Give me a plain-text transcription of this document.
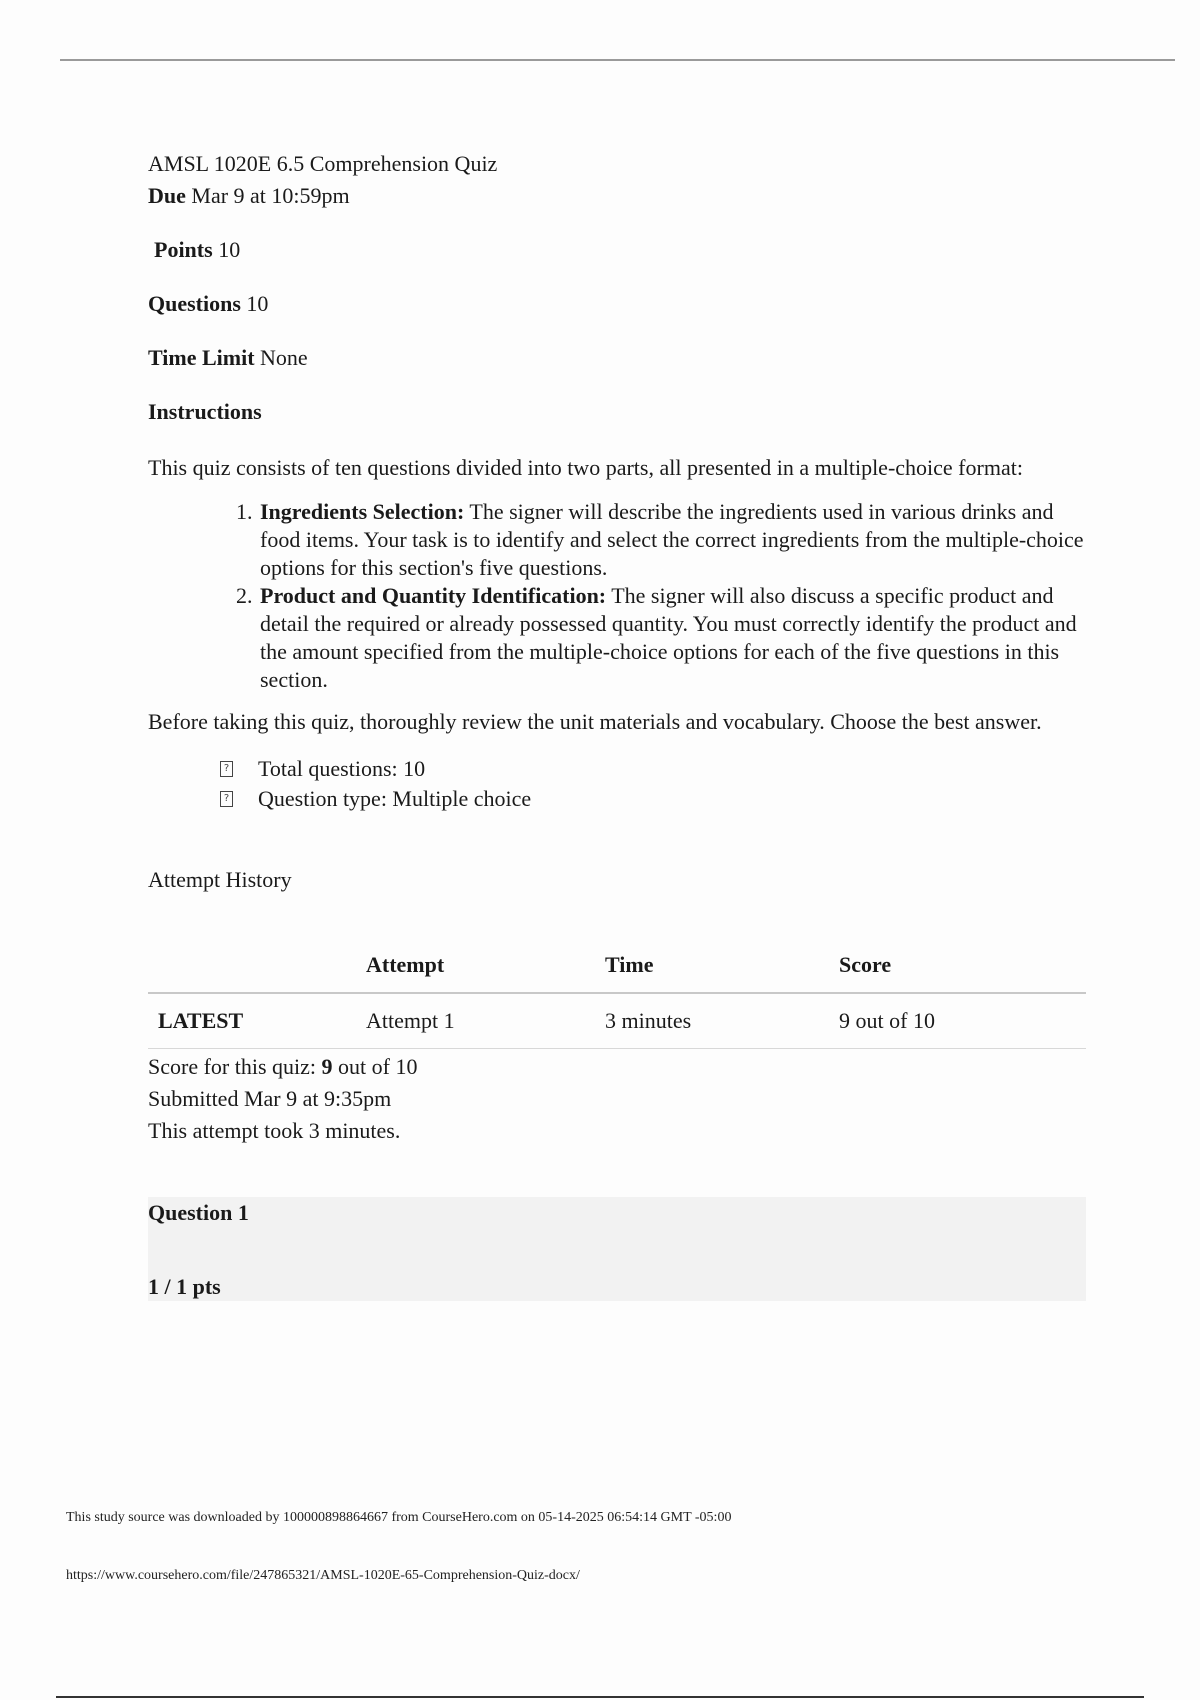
AMSL 1020E 6.5 Comprehension Quiz

Due Mar 9 at 10:59pm

Points 10

Questions 10

Time Limit None

Instructions

This quiz consists of ten questions divided into two parts, all presented in a multiple-choice format:

1. Ingredients Selection: The signer will describe the ingredients used in various drinks and food items. Your task is to identify and select the correct ingredients from the multiple-choice options for this section's five questions.
2. Product and Quantity Identification: The signer will also discuss a specific product and detail the required or already possessed quantity. You must correctly identify the product and the amount specified from the multiple-choice options for each of the five questions in this section.

Before taking this quiz, thoroughly review the unit materials and vocabulary. Choose the best answer.

? Total questions: 10
? Question type: Multiple choice

Attempt History

	Attempt	Time	Score
LATEST	Attempt 1	3 minutes	9 out of 10

Score for this quiz: 9 out of 10

Submitted Mar 9 at 9:35pm

This attempt took 3 minutes.

Question 1
1 / 1 pts
This study source was downloaded by 100000898864667 from CourseHero.com on 05-14-2025 06:54:14 GMT -05:00
https://www.coursehero.com/file/247865321/AMSL-1020E-65-Comprehension-Quiz-docx/
